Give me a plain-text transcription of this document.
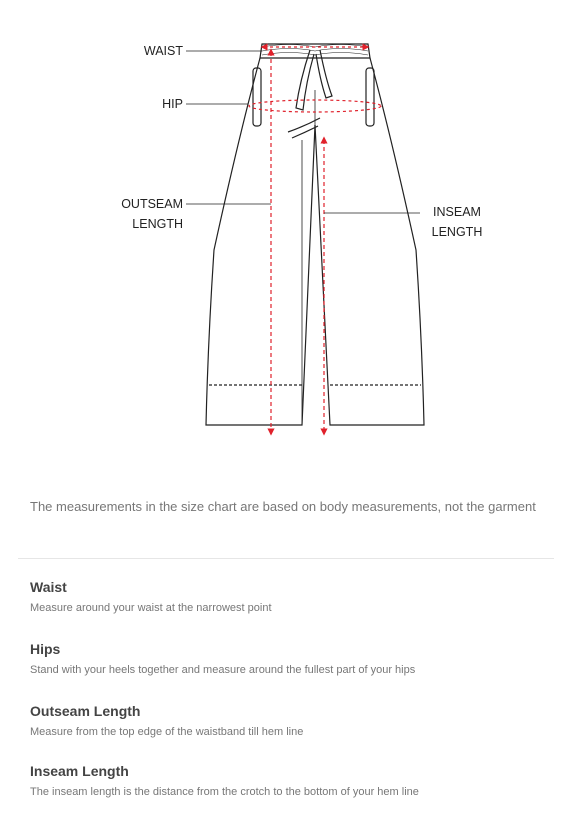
WAIST
HIP
OUTSEAM
LENGTH
INSEAM
LENGTH
The measurements in the size chart are based on body measurements, not the garment
Waist

Measure around your waist at the narrowest point

Hips

Stand with your heels together and measure around the fullest part of your hips

Outseam Length

Measure from the top edge of the waistband till hem line

Inseam Length

The inseam length is the distance from the crotch to the bottom of your hem line
